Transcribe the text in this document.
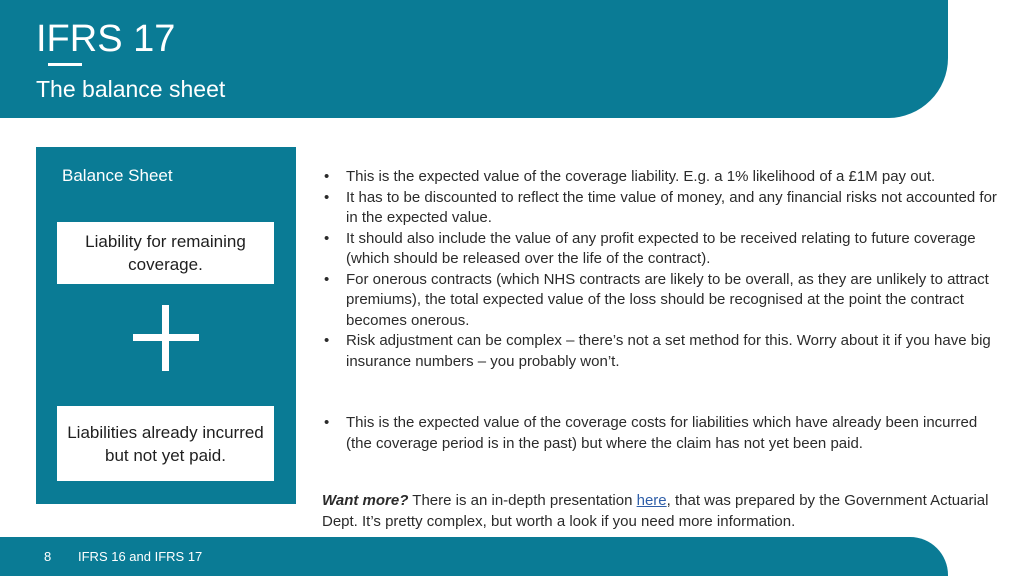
IFRS 17
The balance sheet
Balance Sheet
Liability for remaining coverage.
Liabilities already incurred but not yet paid.
• This is the expected value of the coverage liability. E.g. a 1% likelihood of a £1M pay out.
• It has to be discounted to reflect the time value of money, and any financial risks not accounted for in the expected value.
• It should also include the value of any profit expected to be received relating to future coverage (which should be released over the life of the contract).
• For onerous contracts (which NHS contracts are likely to be overall, as they are unlikely to attract premiums), the total expected value of the loss should be recognised at the point the contract becomes onerous.
• Risk adjustment can be complex – there’s not a set method for this. Worry about it if you have big insurance numbers – you probably won’t.
• This is the expected value of the coverage costs for liabilities which have already been incurred (the coverage period is in the past) but where the claim has not yet been paid.
Want more? There is an in-depth presentation here, that was prepared by the Government Actuarial Dept. It’s pretty complex, but worth a look if you need more information.
8 IFRS 16 and IFRS 17
